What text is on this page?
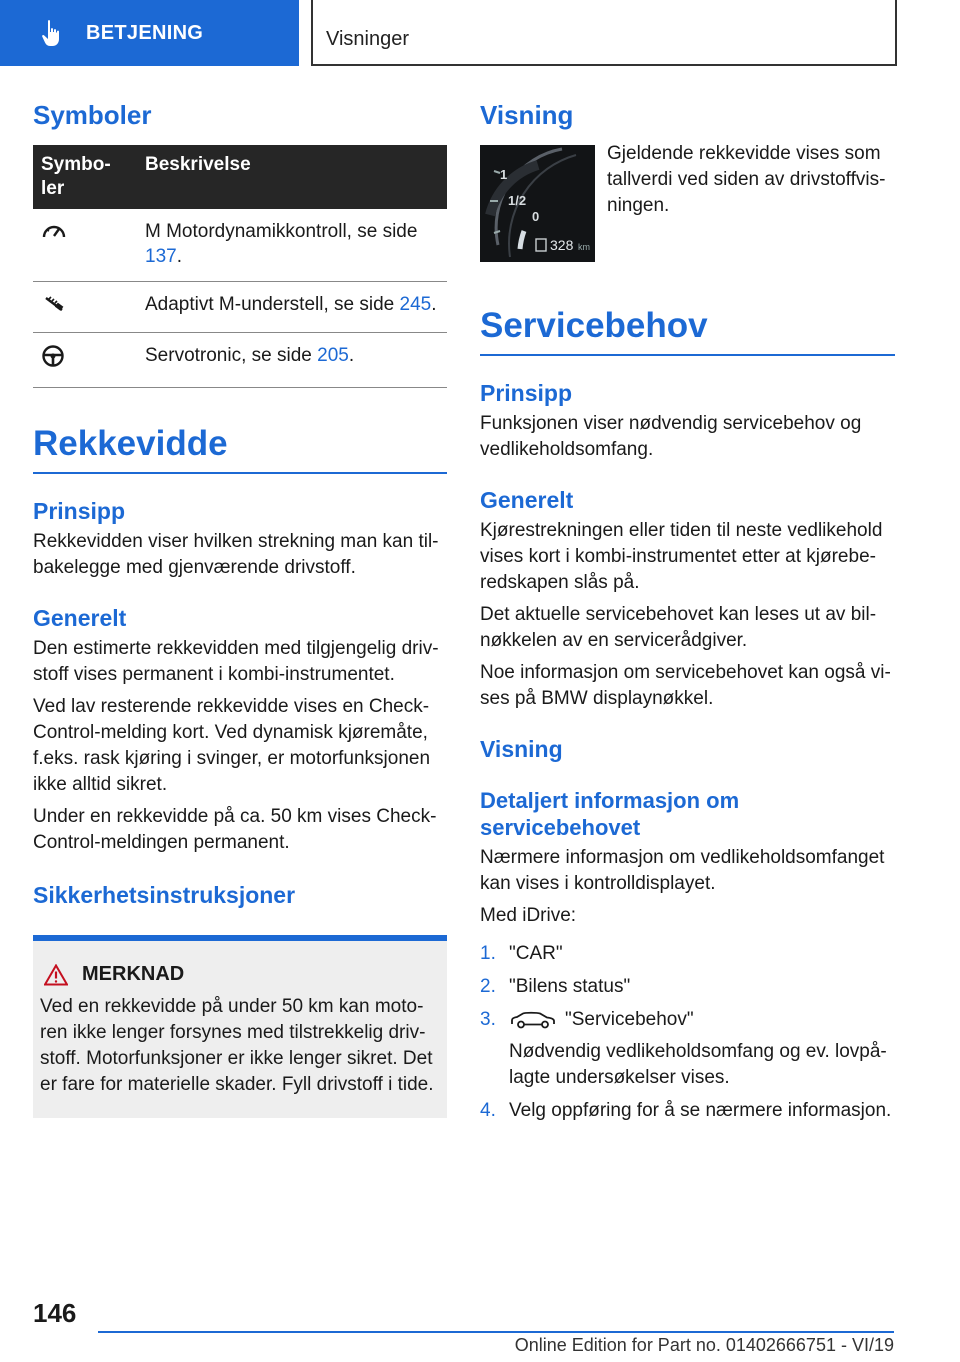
BETJENING	Visninger
Symboler
Symbo-
ler	Beskrivelse
	M Motordynamikkontroll, se side 137.
	Adaptivt M-understell, se side 245.
	Servotronic, se side 205.
Rekkevidde
Prinsipp

Rekkevidden viser hvilken strekning man kan til-bakelegge med gjenværende drivstoff.

Generelt

Den estimerte rekkevidden med tilgjengelig driv-stoff vises permanent i kombi-instrumentet.

Ved lav resterende rekkevidde vises en Check-Control-melding kort. Ved dynamisk kjøremåte, f.eks. rask kjøring i svinger, er motorfunksjonen ikke alltid sikret.

Under en rekkevidde på ca. 50 km vises Check-Control-meldingen permanent.

Sikkerhetsinstruksjoner
MERKNAD

Ved en rekkevidde på under 50 km kan moto-ren ikke lenger forsynes med tilstrekkelig driv-stoff. Motorfunksjoner er ikke lenger sikret. Det er fare for materielle skader. Fyll drivstoff i tide.

Visning
1
1/2
0
328 km

Gjeldende rekkevidde vises som tallverdi ved siden av drivstoffvis-ningen.

Servicebehov
Prinsipp

Funksjonen viser nødvendig servicebehov og vedlikeholdsomfang.

Generelt

Kjørestrekningen eller tiden til neste vedlikehold vises kort i kombi-instrumentet etter at kjørebe-redskapen slås på.

Det aktuelle servicebehovet kan leses ut av bil-nøkkelen av en servicerådgiver.

Noe informasjon om servicebehovet kan også vi-ses på BMW displaynøkkel.

Visning
Detaljert informasjon om servicebehovet

Nærmere informasjon om vedlikeholdsomfanget kan vises i kontrolldisplayet.

Med iDrive:

1. "CAR"
2. "Bilens status"
3.	"Servicebehov"
Nødvendig vedlikeholdsomfang og ev. lovpå-lagte undersøkelser vises.
4. Velg oppføring for å se nærmere informasjon.
146
Online Edition for Part no. 01402666751 - VI/19
